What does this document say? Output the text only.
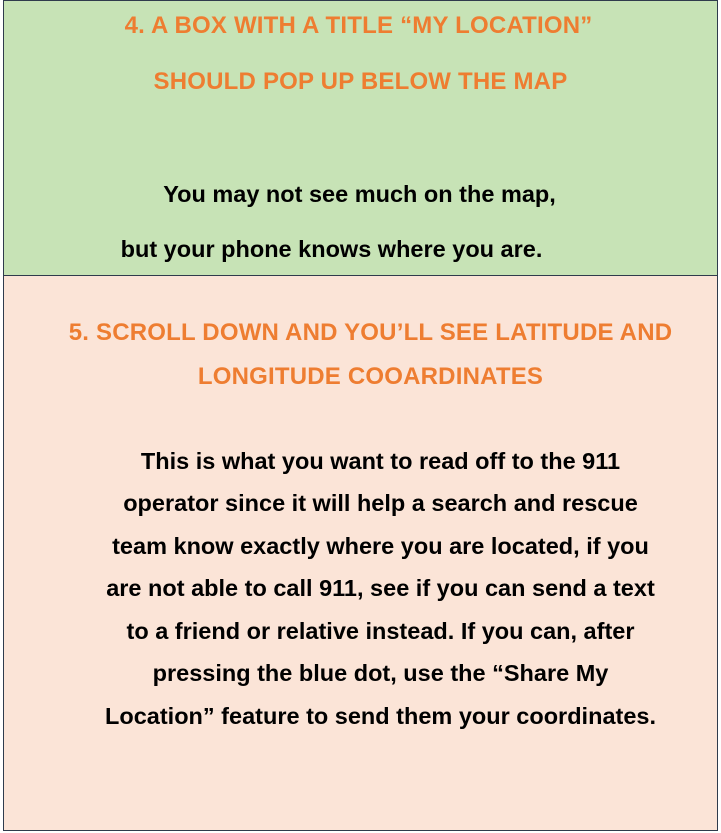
4. A BOX WITH A TITLE “MY LOCATION”
SHOULD POP UP BELOW THE MAP
You may not see much on the map,
but your phone knows where you are.
5. SCROLL DOWN AND YOU’LL SEE LATITUDE AND
LONGITUDE COOARDINATES
This is what you want to read off to the 911
operator since it will help a search and rescue
team know exactly where you are located, if you
are not able to call 911, see if you can send a text
to a friend or relative instead. If you can, after
pressing the blue dot, use the “Share My
Location” feature to send them your coordinates.
